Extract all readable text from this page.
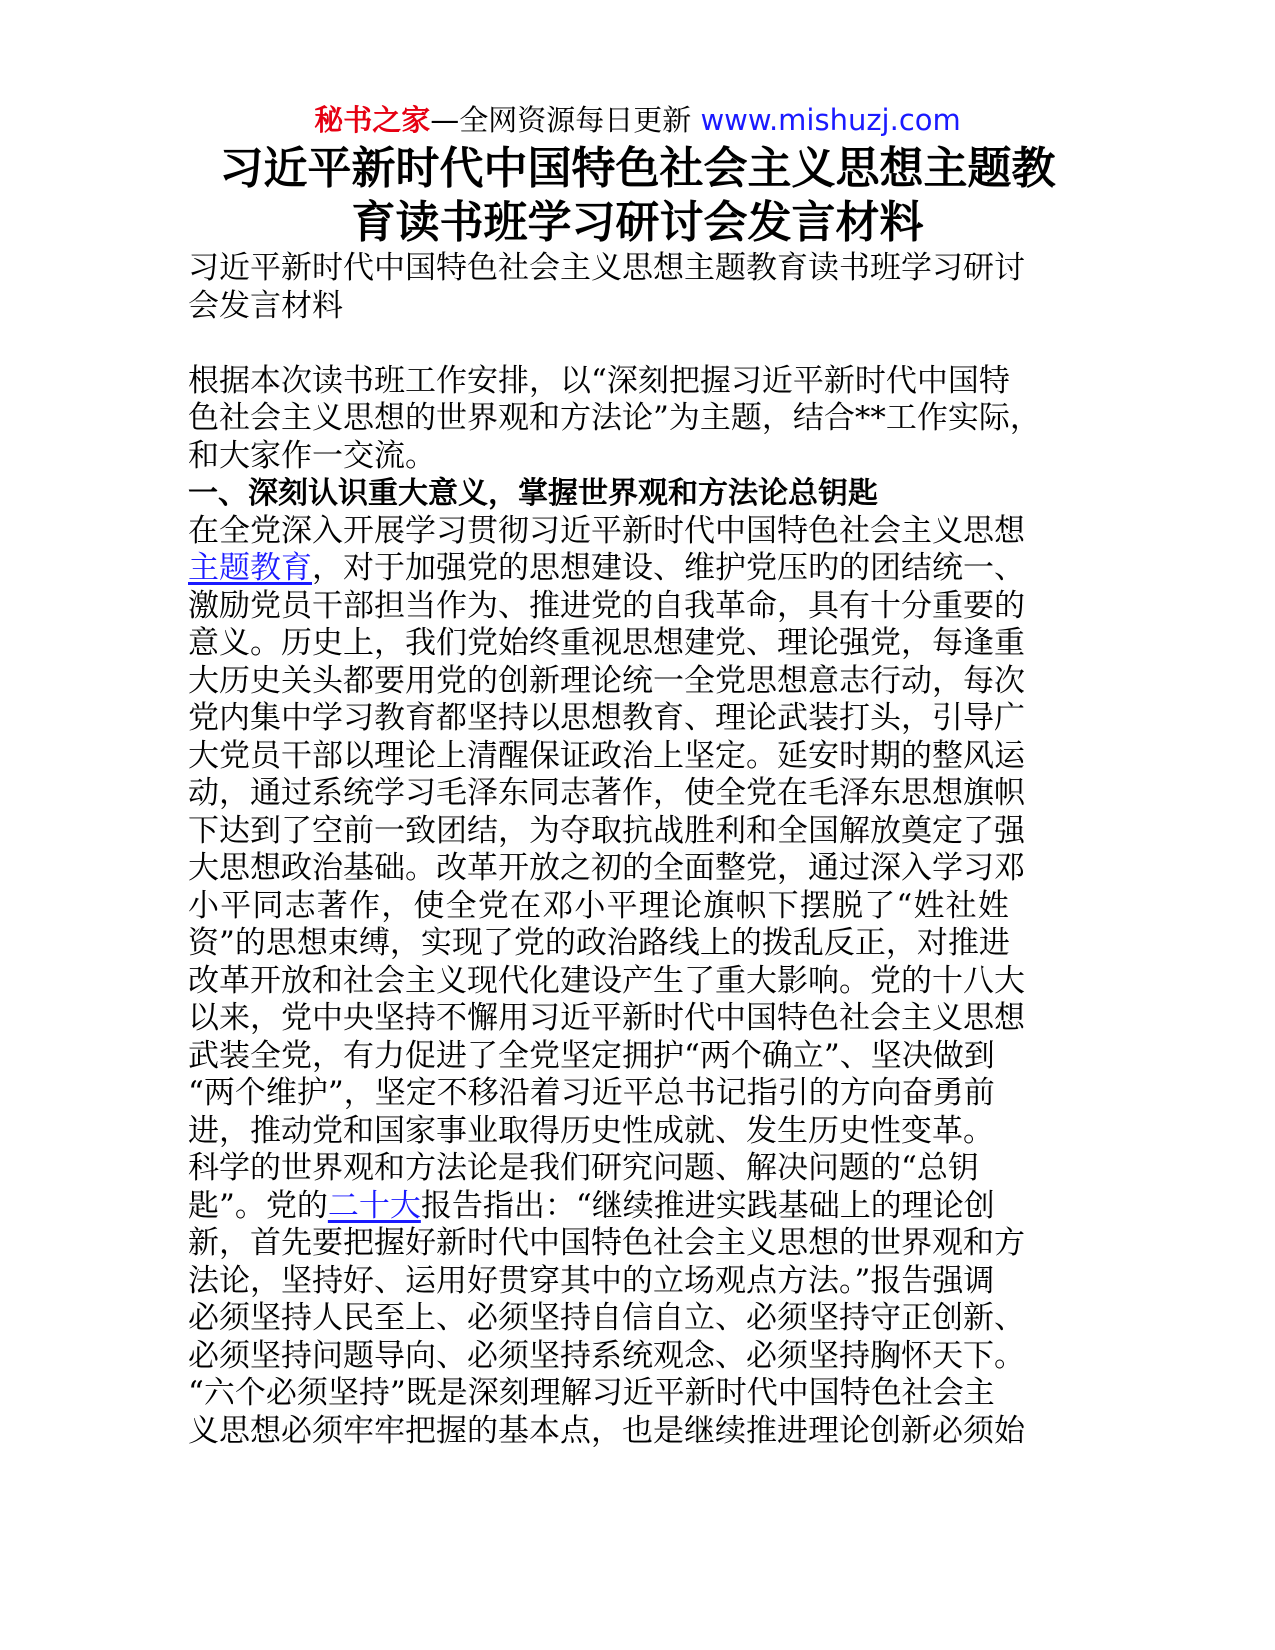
秘书之家—全网资源每日更新 www.mishuzj.com
习近平新时代中国特色社会主义思想主题教
育读书班学习研讨会发言材料
习近平新时代中国特色社会主义思想主题教育读书班学习研讨
会发言材料
根据本次读书班工作安排，以“深刻把握习近平新时代中国特
色社会主义思想的世界观和方法论”为主题，结合**工作实际，
和大家作一交流。
一、深刻认识重大意义，掌握世界观和方法论总钥匙
在全党深入开展学习贯彻习近平新时代中国特色社会主义思想
主题教育，对于加强党的思想建设、维护党压旳的团结统一、
激励党员干部担当作为、推进党的自我革命，具有十分重要的
意义。历史上，我们党始终重视思想建党、理论强党，每逢重
大历史关头都要用党的创新理论统一全党思想意志行动，每次
党内集中学习教育都坚持以思想教育、理论武装打头，引导广
大党员干部以理论上清醒保证政治上坚定。延安时期的整风运
动，通过系统学习毛泽东同志著作，使全党在毛泽东思想旗帜
下达到了空前一致团结，为夺取抗战胜利和全国解放奠定了强
大思想政治基础。改革开放之初的全面整党，通过深入学习邓
小平同志著作，使全党在邓小平理论旗帜下摆脱了“姓社姓
资”的思想束缚，实现了党的政治路线上的拨乱反正，对推进
改革开放和社会主义现代化建设产生了重大影响。党的十八大
以来，党中央坚持不懈用习近平新时代中国特色社会主义思想
武装全党，有力促进了全党坚定拥护“两个确立”、坚决做到
“两个维护”，坚定不移沿着习近平总书记指引的方向奋勇前
进，推动党和国家事业取得历史性成就、发生历史性变革。
科学的世界观和方法论是我们研究问题、解决问题的“总钥
匙”。党的二十大报告指出：“继续推进实践基础上的理论创
新，首先要把握好新时代中国特色社会主义思想的世界观和方
法论，坚持好、运用好贯穿其中的立场观点方法。”报告强调
必须坚持人民至上、必须坚持自信自立、必须坚持守正创新、
必须坚持问题导向、必须坚持系统观念、必须坚持胸怀天下。
“六个必须坚持”既是深刻理解习近平新时代中国特色社会主
义思想必须牢牢把握的基本点，也是继续推进理论创新必须始
